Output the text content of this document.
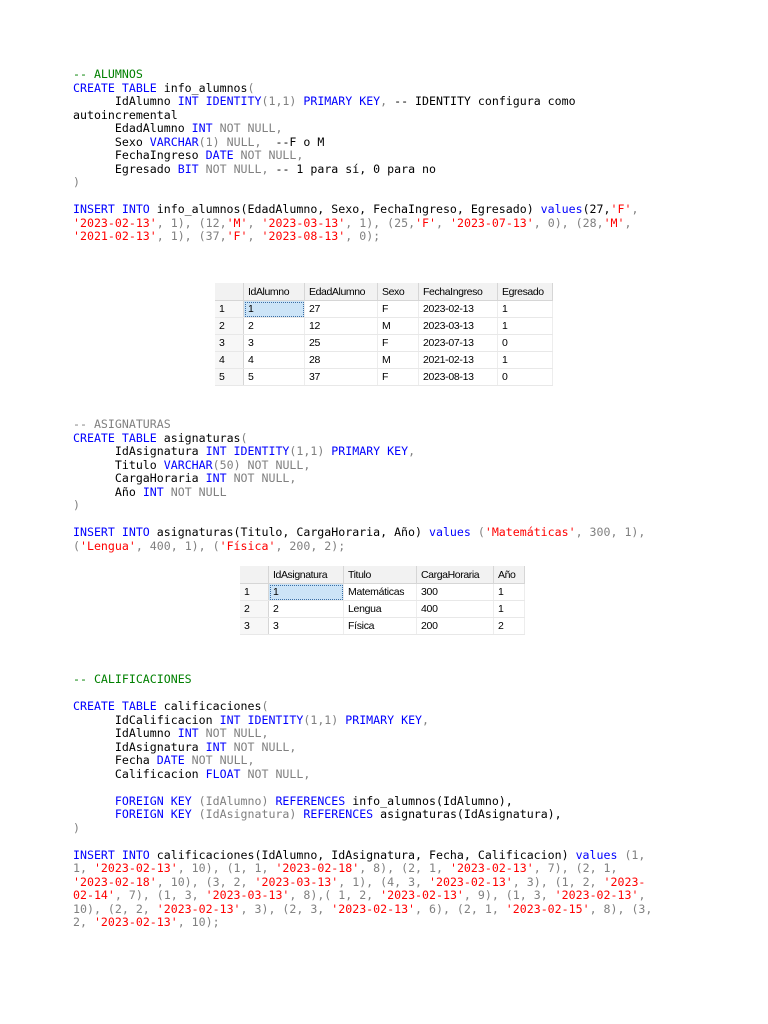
-- ALUMNOS
CREATE TABLE info_alumnos(
IdAlumno INT IDENTITY(1,1) PRIMARY KEY, -- IDENTITY configura como
autoincremental
EdadAlumno INT NOT NULL,
Sexo VARCHAR(1) NULL,  --F o M
FechaIngreso DATE NOT NULL,
Egresado BIT NOT NULL, -- 1 para sí, 0 para no
)

INSERT INTO info_alumnos(EdadAlumno, Sexo, FechaIngreso, Egresado) values(27,'F',
'2023-02-13', 1), (12,'M', '2023-03-13', 1), (25,'F', '2023-07-13', 0), (28,'M',
'2021-02-13', 1), (37,'F', '2023-08-13', 0);
	IdAlumno	EdadAlumno	Sexo	FechaIngreso	Egresado
1	1	27	F	2023-02-13	1
2	2	12	M	2023-03-13	1
3	3	25	F	2023-07-13	0
4	4	28	M	2021-02-13	1
5	5	37	F	2023-08-13	0
-- ASIGNATURAS
CREATE TABLE asignaturas(
IdAsignatura INT IDENTITY(1,1) PRIMARY KEY,
Titulo VARCHAR(50) NOT NULL,
CargaHoraria INT NOT NULL,
Año INT NOT NULL
)

INSERT INTO asignaturas(Titulo, CargaHoraria, Año) values ('Matemáticas', 300, 1),
('Lengua', 400, 1), ('Física', 200, 2);
	IdAsignatura	Titulo	CargaHoraria	Año
1	1	Matemáticas	300	1
2	2	Lengua	400	1
3	3	Física	200	2
-- CALIFICACIONES

CREATE TABLE calificaciones(
IdCalificacion INT IDENTITY(1,1) PRIMARY KEY,
IdAlumno INT NOT NULL,
IdAsignatura INT NOT NULL,
Fecha DATE NOT NULL,
Calificacion FLOAT NOT NULL,

FOREIGN KEY (IdAlumno) REFERENCES info_alumnos(IdAlumno),
FOREIGN KEY (IdAsignatura) REFERENCES asignaturas(IdAsignatura),
)

INSERT INTO calificaciones(IdAlumno, IdAsignatura, Fecha, Calificacion) values (1,
1, '2023-02-13', 10), (1, 1, '2023-02-18', 8), (2, 1, '2023-02-13', 7), (2, 1,
'2023-02-18', 10), (3, 2, '2023-03-13', 1), (4, 3, '2023-02-13', 3), (1, 2, '2023-
02-14', 7), (1, 3, '2023-03-13', 8),( 1, 2, '2023-02-13', 9), (1, 3, '2023-02-13',
10), (2, 2, '2023-02-13', 3), (2, 3, '2023-02-13', 6), (2, 1, '2023-02-15', 8), (3,
2, '2023-02-13', 10);
